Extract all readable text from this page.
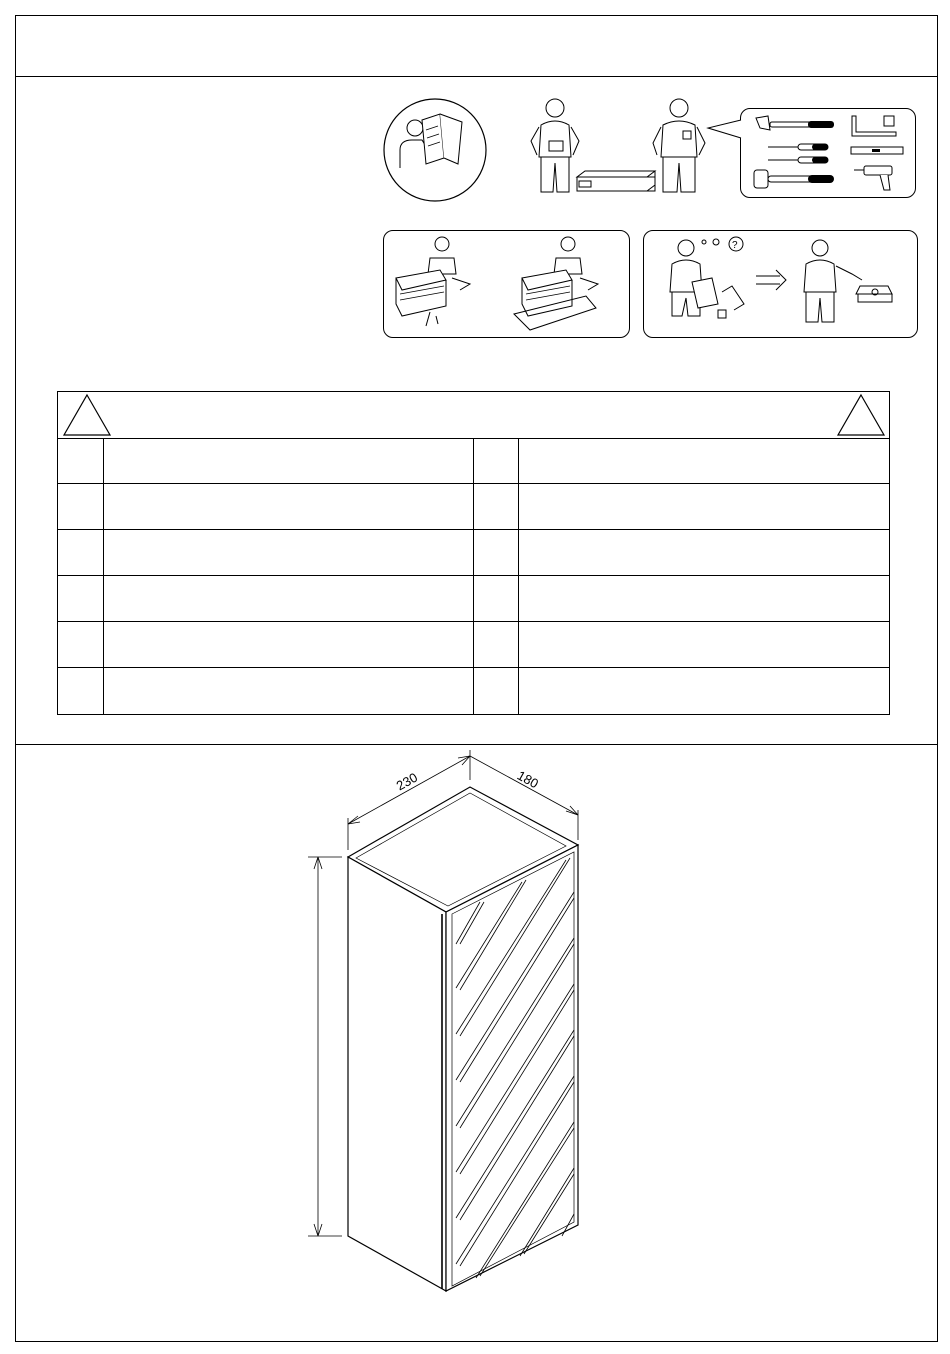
?
230	180
